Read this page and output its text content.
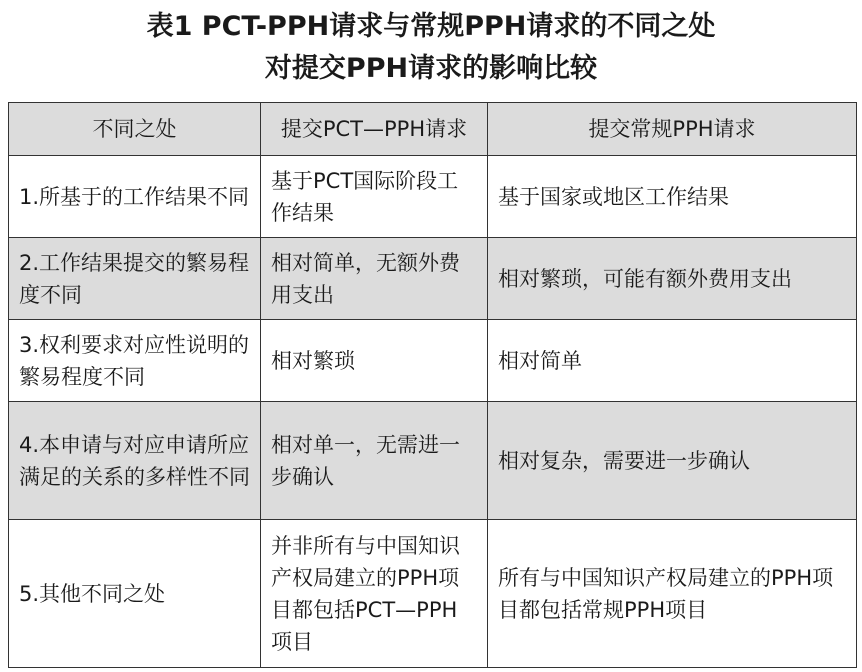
表1 PCT-PPH请求与常规PPH请求的不同之处
对提交PPH请求的影响比较
不同之处	提交PCT—PPH请求	提交常规PPH请求
1.所基于的工作结果不同	基于PCT国际阶段工作结果	基于国家或地区工作结果
2.工作结果提交的繁易程度不同	相对简单，无额外费用支出	相对繁琐，可能有额外费用支出
3.权利要求对应性说明的繁易程度不同	相对繁琐	相对简单
4.本申请与对应申请所应满足的关系的多样性不同	相对单一，无需进一步确认	相对复杂，需要进一步确认
5.其他不同之处	并非所有与中国知识产权局建立的PPH项目都包括PCT—PPH项目	所有与中国知识产权局建立的PPH项目都包括常规PPH项目
